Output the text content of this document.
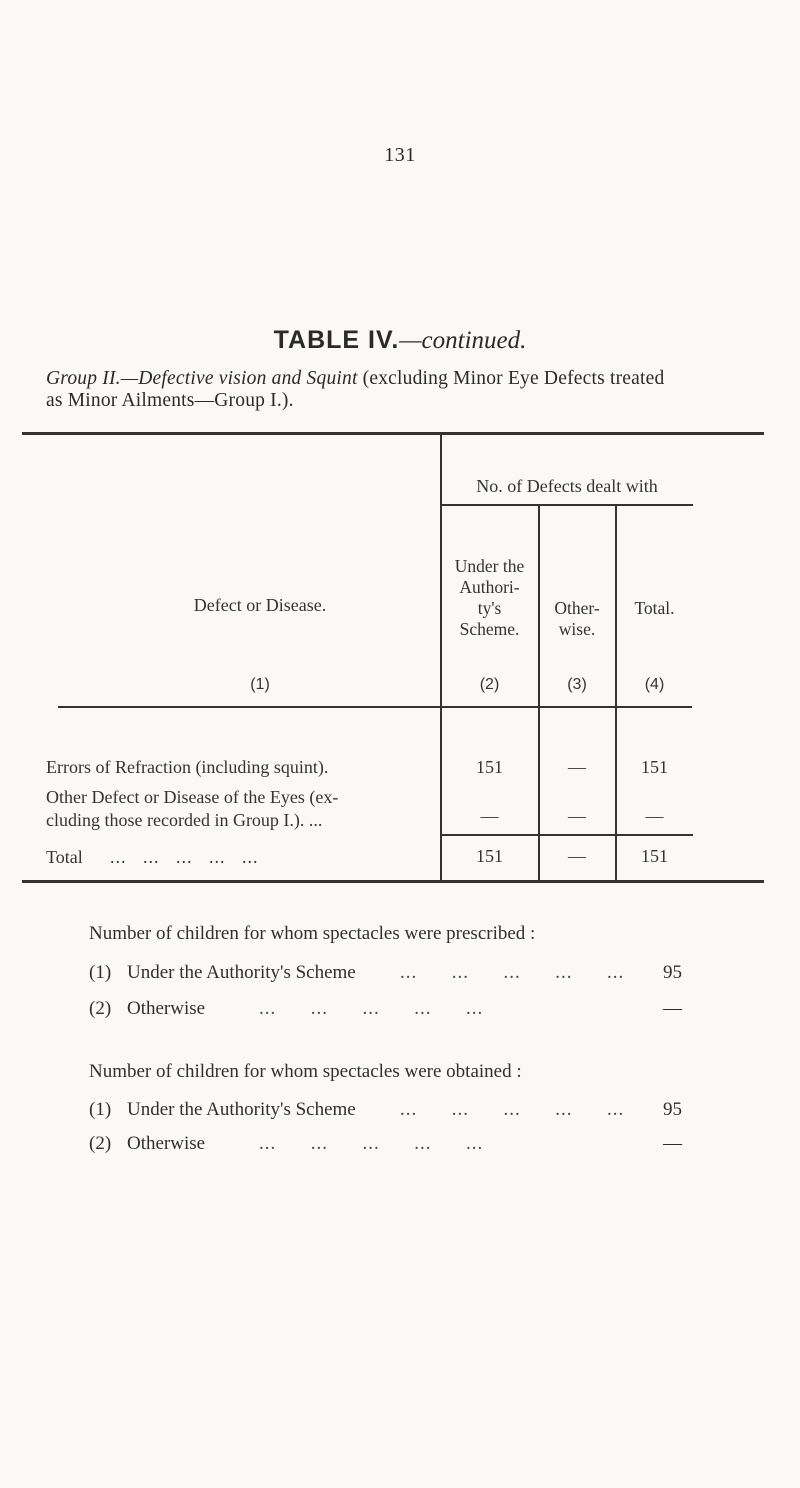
131
TABLE IV.—continued.
Group II.—Defective vision and Squint (excluding Minor Eye Defects treated
as Minor Ailments—Group I.).
No. of Defects dealt with
Defect or Disease.
Under the
Authori-
ty's
Scheme.
Other-
wise.
Total.
(1)	(2)	(3)	(4)
Errors of Refraction (including squint).	151	—	151
Other Defect or Disease of the Eyes (ex-
cluding those recorded in Group I.). ...	—	—	—
Total ...   ...   ...   ...   ...	151	—	151
Number of children for whom spectacles were prescribed :
(1) Under the Authority's Scheme ...      ...      ...      ...      ... 95
(2) Otherwise	...      ...      ...      ...      ...	—
Number of children for whom spectacles were obtained :
(1) Under the Authority's Scheme ...      ...      ...      ...      ... 95
(2) Otherwise	...      ...      ...      ...      ...	—
